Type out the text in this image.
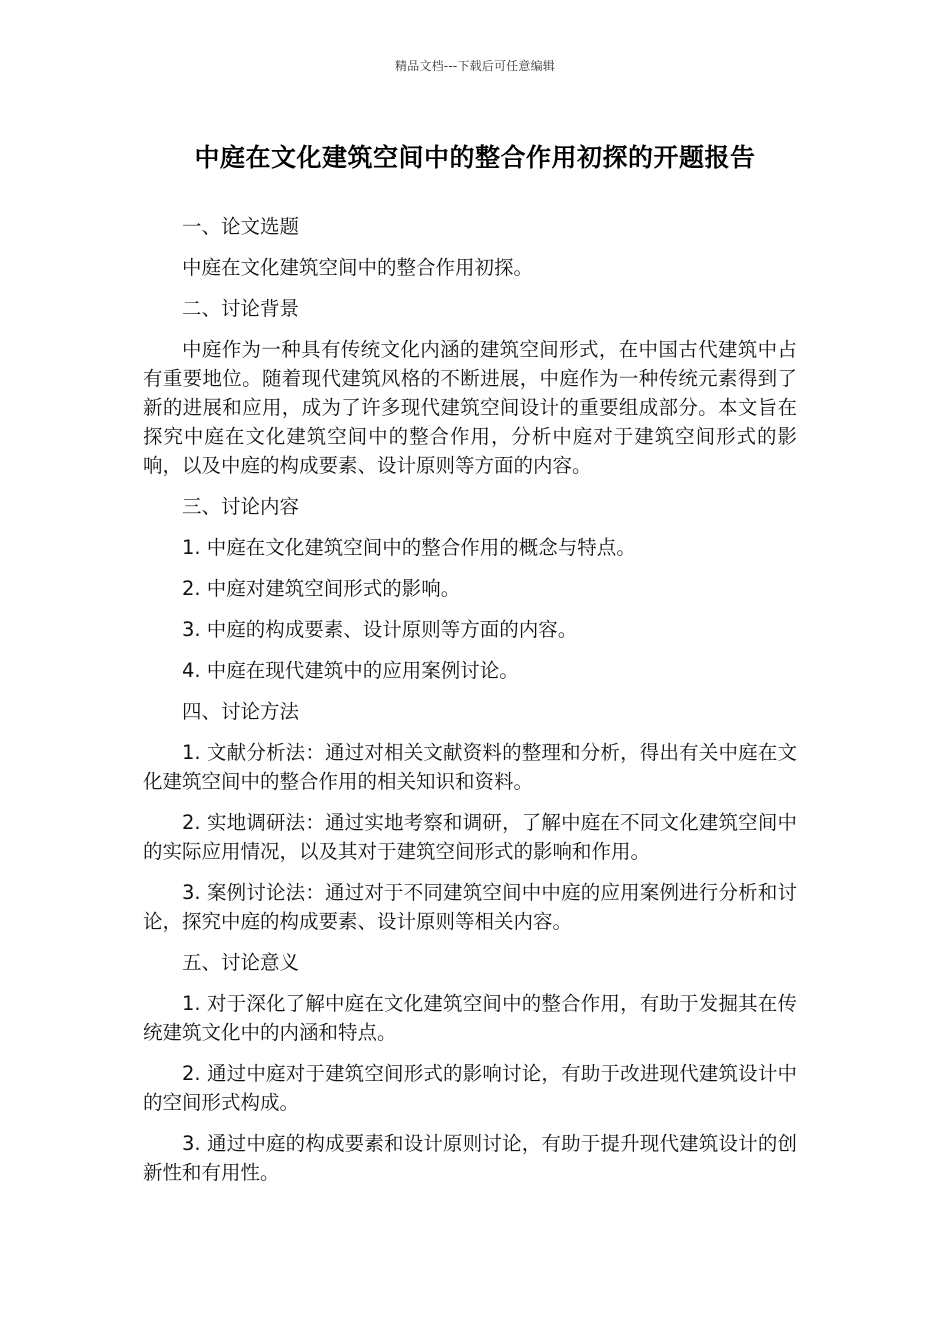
精品文档---下载后可任意编辑
中庭在文化建筑空间中的整合作用初探的开题报告

一、论文选题

中庭在文化建筑空间中的整合作用初探。

二、讨论背景

中庭作为一种具有传统文化内涵的建筑空间形式，在中国古代建筑中占有重要地位。随着现代建筑风格的不断进展，中庭作为一种传统元素得到了新的进展和应用，成为了许多现代建筑空间设计的重要组成部分。本文旨在探究中庭在文化建筑空间中的整合作用，分析中庭对于建筑空间形式的影响，以及中庭的构成要素、设计原则等方面的内容。

三、讨论内容

1. 中庭在文化建筑空间中的整合作用的概念与特点。

2. 中庭对建筑空间形式的影响。

3. 中庭的构成要素、设计原则等方面的内容。

4. 中庭在现代建筑中的应用案例讨论。

四、讨论方法

1. 文献分析法：通过对相关文献资料的整理和分析，得出有关中庭在文化建筑空间中的整合作用的相关知识和资料。

2. 实地调研法：通过实地考察和调研，了解中庭在不同文化建筑空间中的实际应用情况，以及其对于建筑空间形式的影响和作用。

3. 案例讨论法：通过对于不同建筑空间中中庭的应用案例进行分析和讨论，探究中庭的构成要素、设计原则等相关内容。

五、讨论意义

1. 对于深化了解中庭在文化建筑空间中的整合作用，有助于发掘其在传统建筑文化中的内涵和特点。

2. 通过中庭对于建筑空间形式的影响讨论，有助于改进现代建筑设计中的空间形式构成。

3. 通过中庭的构成要素和设计原则讨论，有助于提升现代建筑设计的创新性和有用性。
